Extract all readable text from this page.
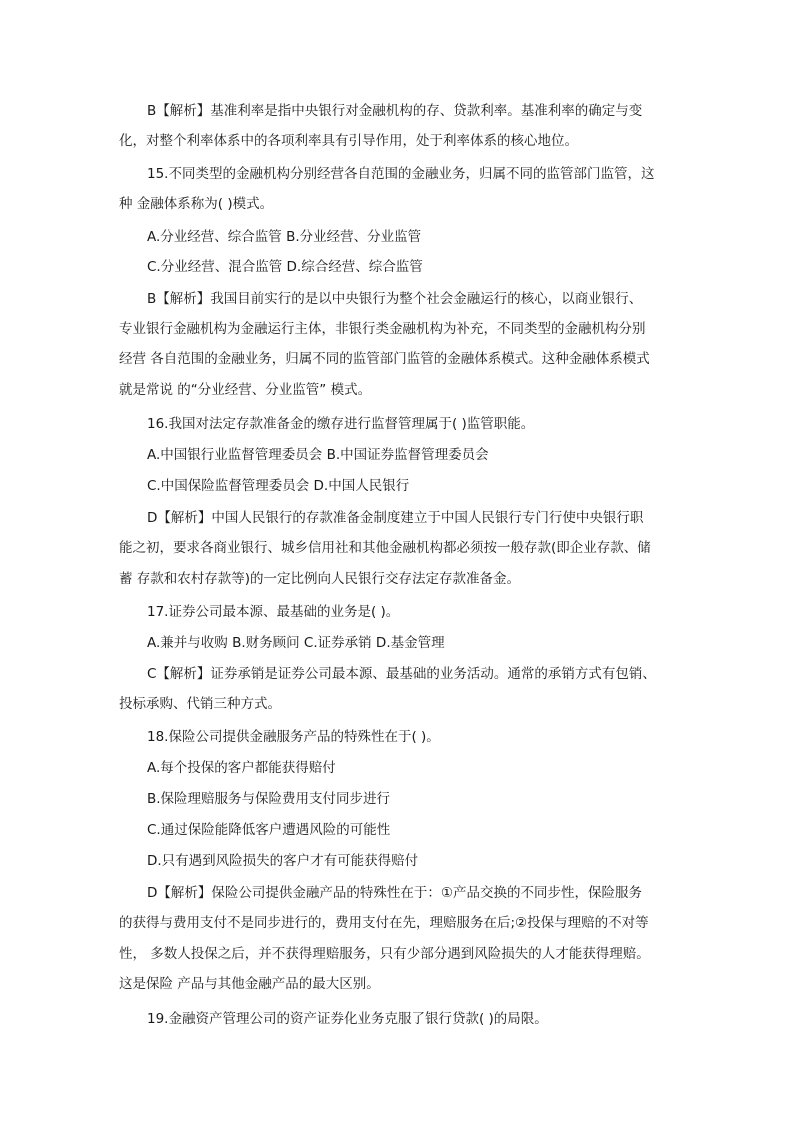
B【解析】基准利率是指中央银行对金融机构的存、贷款利率。基准利率的确定与变
化，对整个利率体系中的各项利率具有引导作用，处于利率体系的核心地位。
15.不同类型的金融机构分别经营各自范围的金融业务，归属不同的监管部门监管，这
种 金融体系称为( )模式。
A.分业经营、综合监管 B.分业经营、分业监管
C.分业经营、混合监管 D.综合经营、综合监管
B【解析】我国目前实行的是以中央银行为整个社会金融运行的核心，以商业银行、
专业银行金融机构为金融运行主体，非银行类金融机构为补充，不同类型的金融机构分别
经营 各自范围的金融业务，归属不同的监管部门监管的金融体系模式。这种金融体系模式
就是常说 的“分业经营、分业监管” 模式。
16.我国对法定存款准备金的缴存进行监督管理属于( )监管职能。
A.中国银行业监督管理委员会 B.中国证券监督管理委员会
C.中国保险监督管理委员会 D.中国人民银行
D【解析】中国人民银行的存款准备金制度建立于中国人民银行专门行使中央银行职
能之初，要求各商业银行、城乡信用社和其他金融机构都必须按一般存款(即企业存款、储
蓄 存款和农村存款等)的一定比例向人民银行交存法定存款准备金。
17.证券公司最本源、最基础的业务是( )。
A.兼并与收购 B.财务顾问 C.证券承销 D.基金管理
C【解析】证券承销是证券公司最本源、最基础的业务活动。通常的承销方式有包销、
投标承购、代销三种方式。
18.保险公司提供金融服务产品的特殊性在于( )。
A.每个投保的客户都能获得赔付
B.保险理赔服务与保险费用支付同步进行
C.通过保险能降低客户遭遇风险的可能性
D.只有遇到风险损失的客户才有可能获得赔付
D【解析】保险公司提供金融产品的特殊性在于：①产品交换的不同步性，保险服务
的获得与费用支付不是同步进行的，费用支付在先，理赔服务在后;②投保与理赔的不对等
性， 多数人投保之后，并不获得理赔服务，只有少部分遇到风险损失的人才能获得理赔。
这是保险 产品与其他金融产品的最大区别。
19.金融资产管理公司的资产证券化业务克服了银行贷款( )的局限。
